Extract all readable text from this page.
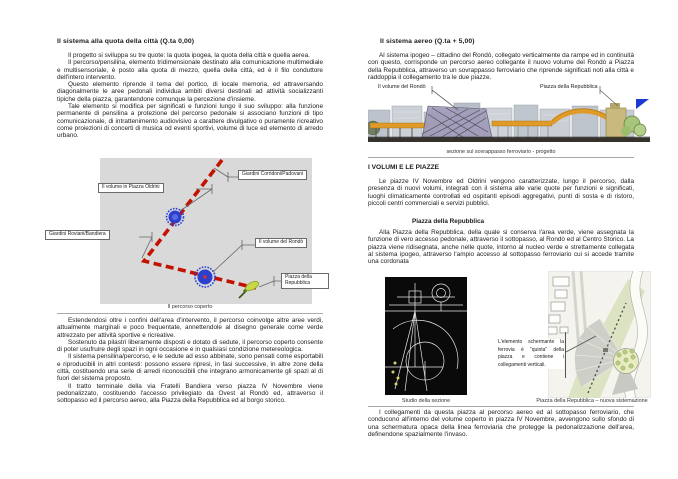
Il sistema alla quota della città (Q.ta 0,00)

Il progetto si sviluppa su tre quote: la quota ipogea, la quota della città e quella aerea.

Il percorso/pensilina, elemento tridimensionale destinato alla comunicazione multimediale e multisensoriale, è posto alla quota di mezzo, quella della città, ed è il filo conduttore dell'intero intervento.

Questo elemento riprende il tema del portico, di locale memoria, ed attraversando diagonalmente le aree pedonali individua ambiti diversi destinati ad attività socializzanti tipiche della piazza, garantendone comunque la percezione d'insieme.

Tale elemento si modifica per significati e funzioni lungo il suo sviluppo: alla funzione permanente di pensilina a protezione del percorso pedonale si associano funzioni di tipo comunicazionale, di intrattenimento audiovisivo a carattere divulgativo o puramente ricreativo come proiezioni di concerti di musica od eventi sportivi, volume di luce ed elemento di arredo urbano.

Il volume in Piazza Oldrini
Giardini Corridoni/Padovani
Giardini Roviani/Bandiera
Il volume del Rondò
Piazza della Repubblica
Il percorso coperto

Estendendosi oltre i confini dell'area d'intervento, il percorso coinvolge altre aree verdi, attualmente marginali e poco frequentate, annettendole al disegno generale come verde attrezzato per attività sportive e ricreative.

Sostenuto da pilastri liberamente disposti e dotato di sedute, il percorso coperto consente di poter usufruire degli spazi in ogni occasione e in qualsiasi condizione metereologica.

Il sistema pensilina/percorso, e le sedute ad esso abbinate, sono pensati come esportabili e riproducibili in altri contesti: possono essere ripresi, in fasi successive, in altre zone della città, costituendo una serie di arredi riconoscibili che integrano armonicamente gli spazi al di fuori del sistema proposto.

Il tratto terminale della via Fratelli Bandiera verso piazza IV Novembre viene pedonalizzato, costituendo l'accesso privilegiato da Ovest al Rondò ed, attraverso il sottopasso ed il percorso aereo, alla Piazza della Repubblica ed al borgo storico.

Il sistema aereo (Q.ta + 5,00)

Al sistema ipogeo – cittadino del Rondò, collegato verticalmente da rampe ed in continuità con questo, corrisponde un percorso aereo collegante il nuovo volume del Rondò a Piazza della Repubblica, attraverso un sovrappasso ferroviario che riprende significati noti alla città e raddoppia il collegamento tra le due piazze.

Il volume del Rondò	Piazza della Repubblica
sezione sul sovrappasso ferroviario - progetto
I VOLUMI E LE PIAZZE

Le piazze IV Novembre ed Oldrini vengono caratterizzate, lungo il percorso, dalla presenza di nuovi volumi, integrati con il sistema alle varie quote per funzioni e significati, luoghi climaticamente controllati ed ospitanti episodi aggregativi, punti di sosta e di ristoro, piccoli centri commerciali e servizi pubblici.

Piazza della Repubblica

Alla Piazza della Repubblica, della quale si conserva l'area verde, viene assegnata la funzione di vero accesso pedonale, attraverso il sottopasso, al Rondò ed al Centro Storico. La piazza viene ridisegnata, anche nelle quote, intorno al nucleo verde e strettamente collegata al sistema ipogeo, attraverso l'ampio accesso al sottopasso ferroviario cui si accede tramite una cordonata

L'elemento schermante la ferrovia è "quinta" della piazza e contiene i collegamenti verticali.
Studio della sezione	Piazza della Repubblica – nuova sistemazione

I collegamenti da questa piazza al percorso aereo ed al sottopasso ferroviario, che conducono all'interno del volume coperto in piazza IV Novembre, avvengono sullo sfondo di una schermatura opaca della linea ferroviaria che protegge la pedonalizzazione dell'area, definendone spazialmente l'invaso.
